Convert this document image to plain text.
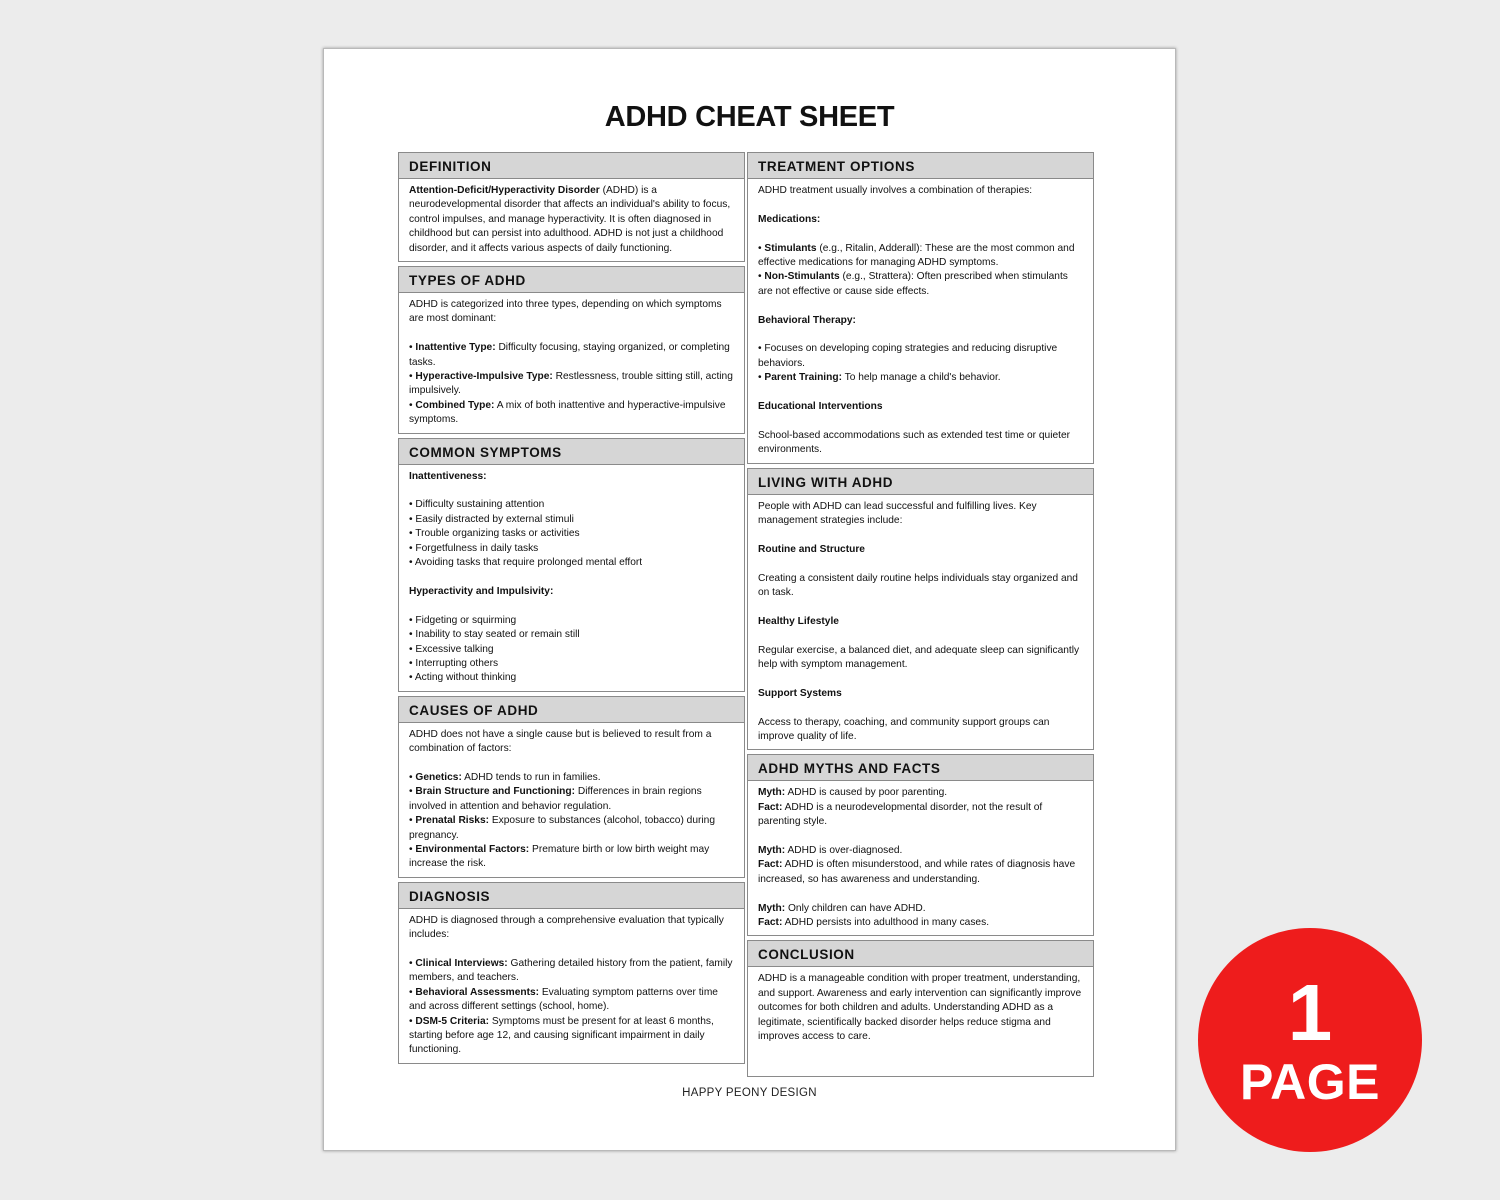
ADHD CHEAT SHEET
DEFINITION

Attention-Deficit/Hyperactivity Disorder (ADHD) is a neurodevelopmental disorder that affects an individual's ability to focus, control impulses, and manage hyperactivity. It is often diagnosed in childhood but can persist into adulthood. ADHD is not just a childhood disorder, and it affects various aspects of daily functioning.

TYPES OF ADHD

ADHD is categorized into three types, depending on which symptoms are most dominant:

• Inattentive Type: Difficulty focusing, staying organized, or completing tasks.

• Hyperactive-Impulsive Type: Restlessness, trouble sitting still, acting impulsively.

• Combined Type: A mix of both inattentive and hyperactive-impulsive symptoms.

COMMON SYMPTOMS

Inattentiveness:

• Difficulty sustaining attention

• Easily distracted by external stimuli

• Trouble organizing tasks or activities

• Forgetfulness in daily tasks

• Avoiding tasks that require prolonged mental effort

Hyperactivity and Impulsivity:

• Fidgeting or squirming

• Inability to stay seated or remain still

• Excessive talking

• Interrupting others

• Acting without thinking

CAUSES OF ADHD

ADHD does not have a single cause but is believed to result from a combination of factors:

• Genetics: ADHD tends to run in families.

• Brain Structure and Functioning: Differences in brain regions involved in attention and behavior regulation.

• Prenatal Risks: Exposure to substances (alcohol, tobacco) during pregnancy.

• Environmental Factors: Premature birth or low birth weight may increase the risk.

DIAGNOSIS

ADHD is diagnosed through a comprehensive evaluation that typically includes:

• Clinical Interviews: Gathering detailed history from the patient, family members, and teachers.

• Behavioral Assessments: Evaluating symptom patterns over time and across different settings (school, home).

• DSM-5 Criteria: Symptoms must be present for at least 6 months, starting before age 12, and causing significant impairment in daily functioning.

TREATMENT OPTIONS

ADHD treatment usually involves a combination of therapies:

Medications:

• Stimulants (e.g., Ritalin, Adderall): These are the most common and effective medications for managing ADHD symptoms.

• Non-Stimulants (e.g., Strattera): Often prescribed when stimulants are not effective or cause side effects.

Behavioral Therapy:

• Focuses on developing coping strategies and reducing disruptive behaviors.

• Parent Training: To help manage a child's behavior.

Educational Interventions

School-based accommodations such as extended test time or quieter environments.

LIVING WITH ADHD

People with ADHD can lead successful and fulfilling lives. Key management strategies include:

Routine and Structure

Creating a consistent daily routine helps individuals stay organized and on task.

Healthy Lifestyle

Regular exercise, a balanced diet, and adequate sleep can significantly help with symptom management.

Support Systems

Access to therapy, coaching, and community support groups can improve quality of life.

ADHD MYTHS AND FACTS

Myth: ADHD is caused by poor parenting.

Fact: ADHD is a neurodevelopmental disorder, not the result of parenting style.

Myth: ADHD is over-diagnosed.

Fact: ADHD is often misunderstood, and while rates of diagnosis have increased, so has awareness and understanding.

Myth: Only children can have ADHD.

Fact: ADHD persists into adulthood in many cases.

CONCLUSION

ADHD is a manageable condition with proper treatment, understanding, and support. Awareness and early intervention can significantly improve outcomes for both children and adults. Understanding ADHD as a legitimate, scientifically backed disorder helps reduce stigma and improves access to care.

HAPPY PEONY DESIGN
1
PAGE
